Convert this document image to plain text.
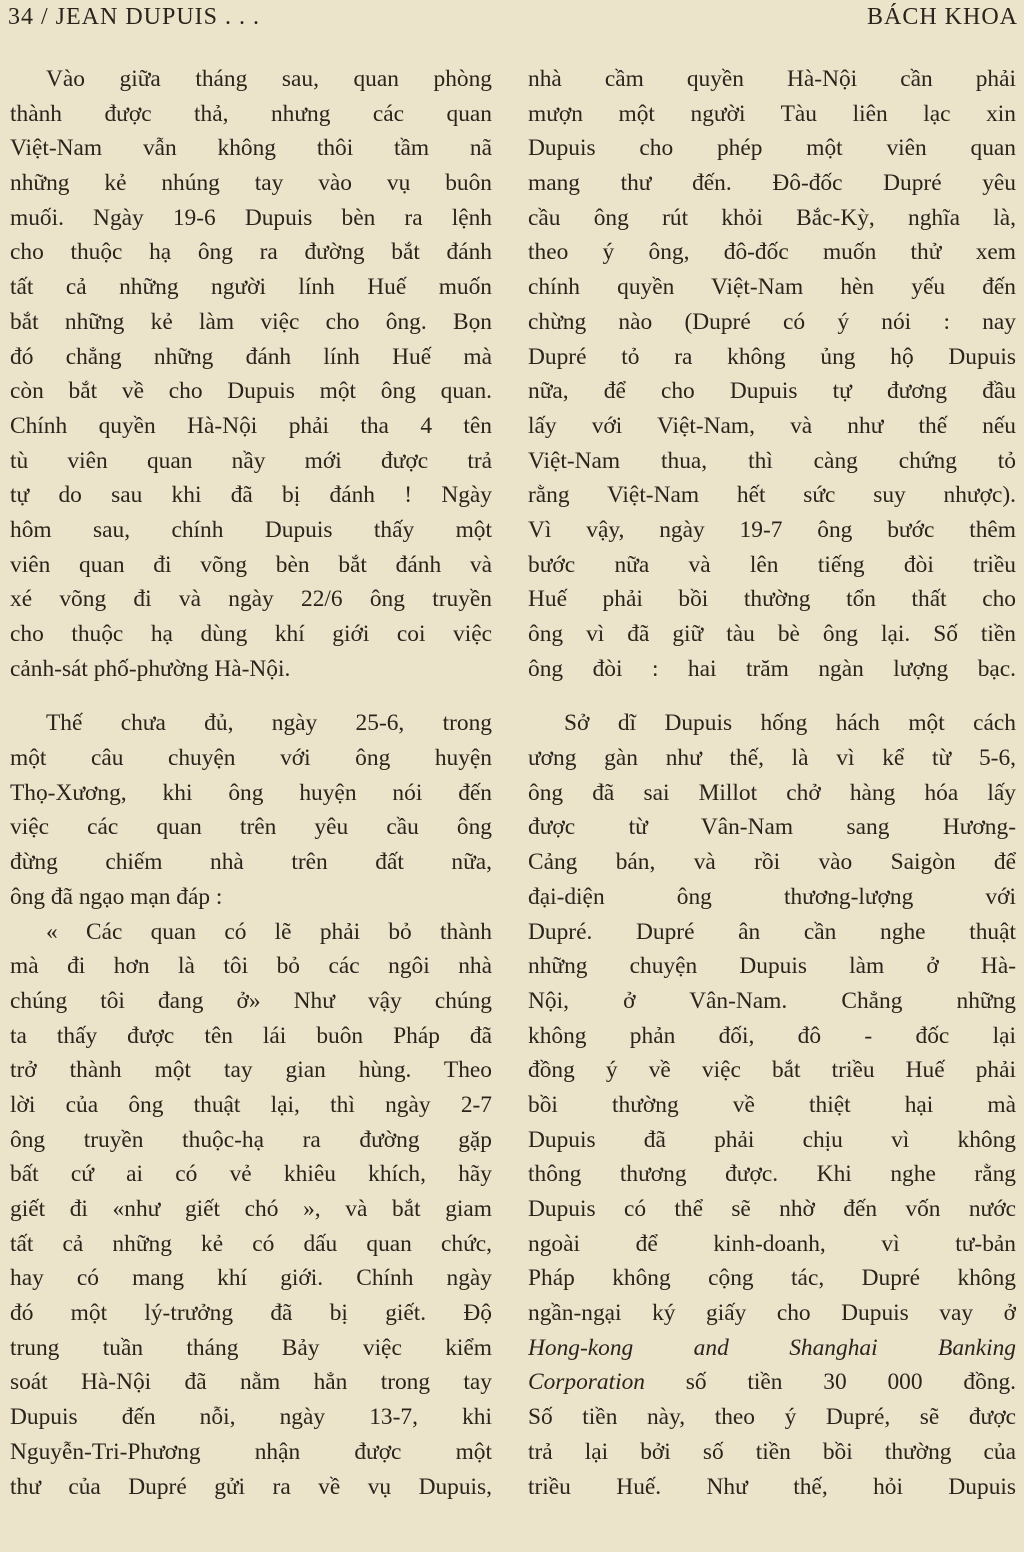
34 / JEAN DUPUIS . . .	BÁCH KHOA
Vào giữa tháng sau, quan phòng
thành được thả, nhưng các quan
Việt-Nam vẫn không thôi tầm nã
những kẻ nhúng tay vào vụ buôn
muối. Ngày 19-6 Dupuis bèn ra lệnh
cho thuộc hạ ông ra đường bắt đánh
tất cả những người lính Huế muốn
bắt những kẻ làm việc cho ông. Bọn
đó chẳng những đánh lính Huế mà
còn bắt về cho Dupuis một ông quan.
Chính quyền Hà-Nội phải tha 4 tên
tù viên quan nầy mới được trả
tự do sau khi đã bị đánh ! Ngày
hôm sau, chính Dupuis thấy một
viên quan đi võng bèn bắt đánh và
xé võng đi và ngày 22/6 ông truyền
cho thuộc hạ dùng khí giới coi việc
cảnh-sát phố-phường Hà-Nội.
Thế chưa đủ, ngày 25-6, trong
một câu chuyện với ông huyện
Thọ-Xương, khi ông huyện nói đến
việc các quan trên yêu cầu ông
đừng chiếm nhà trên đất nữa,
ông đã ngạo mạn đáp :
« Các quan có lẽ phải bỏ thành
mà đi hơn là tôi bỏ các ngôi nhà
chúng tôi đang ở» Như vậy chúng
ta thấy được tên lái buôn Pháp đã
trở thành một tay gian hùng. Theo
lời của ông thuật lại, thì ngày 2-7
ông truyền thuộc-hạ ra đường gặp
bất cứ ai có vẻ khiêu khích, hãy
giết đi «như giết chó », và bắt giam
tất cả những kẻ có dấu quan chức,
hay có mang khí giới. Chính ngày
đó một lý-trưởng đã bị giết. Độ
trung tuần tháng Bảy việc kiểm
soát Hà-Nội đã nằm hẳn trong tay
Dupuis đến nỗi, ngày 13-7, khi
Nguyễn-Tri-Phương nhận được một
thư của Dupré gửi ra về vụ Dupuis,
nhà cầm quyền Hà-Nội cần phải
mượn một người Tàu liên lạc xin
Dupuis cho phép một viên quan
mang thư đến. Đô-đốc Dupré yêu
cầu ông rút khỏi Bắc-Kỳ, nghĩa là,
theo ý ông, đô-đốc muốn thử xem
chính quyền Việt-Nam hèn yếu đến
chừng nào (Dupré có ý nói : nay
Dupré tỏ ra không ủng hộ Dupuis
nữa, để cho Dupuis tự đương đầu
lấy với Việt-Nam, và như thế nếu
Việt-Nam thua, thì càng chứng tỏ
rằng Việt-Nam hết sức suy nhược).
Vì vậy, ngày 19-7 ông bước thêm
bước nữa và lên tiếng đòi triều
Huế phải bồi thường tổn thất cho
ông vì đã giữ tàu bè ông lại. Số tiền
ông đòi : hai trăm ngàn lượng bạc.
Sở dĩ Dupuis hống hách một cách
ương gàn như thế, là vì kể từ 5-6,
ông đã sai Millot chở hàng hóa lấy
được từ Vân-Nam sang Hương-
Cảng bán, và rồi vào Saigòn để
đại-diện ông thương-lượng với
Dupré. Dupré ân cần nghe thuật
những chuyện Dupuis làm ở Hà-
Nội, ở Vân-Nam. Chẳng những
không phản đối, đô - đốc lại
đồng ý về việc bắt triều Huế phải
bồi thường về thiệt hại mà
Dupuis đã phải chịu vì không
thông thương được. Khi nghe rằng
Dupuis có thể sẽ nhờ đến vốn nước
ngoài để kinh-doanh, vì tư-bản
Pháp không cộng tác, Dupré không
ngần-ngại ký giấy cho Dupuis vay ở
Hong-kong and Shanghai Banking
Corporation số tiền 30 000 đồng.
Số tiền này, theo ý Dupré, sẽ được
trả lại bởi số tiền bồi thường của
triều Huế. Như thế, hỏi Dupuis
